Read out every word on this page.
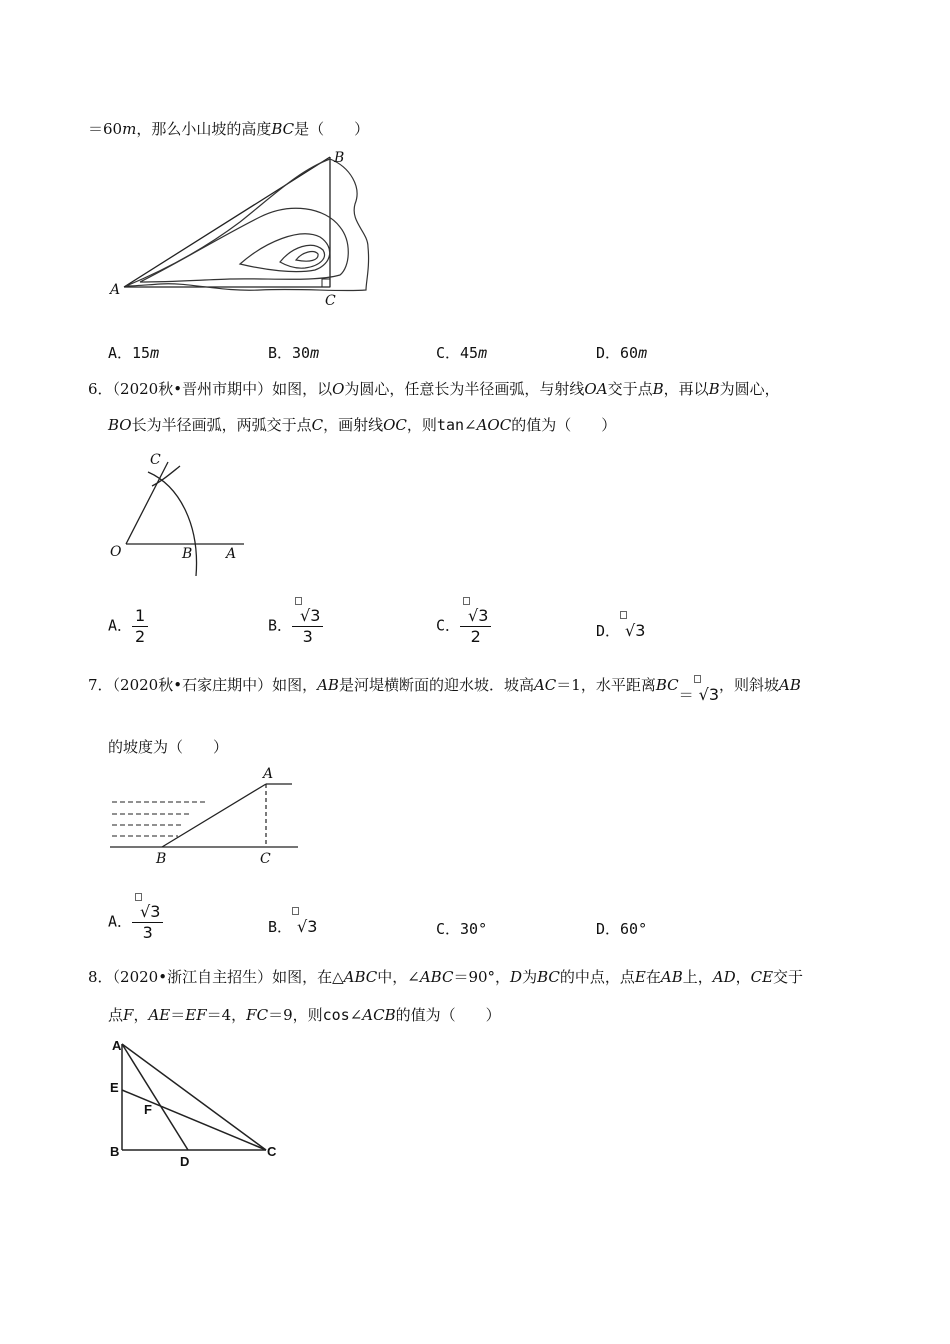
＝60m，那么小山坡的高度BC是（　　）
A
B
C
A．15m	B．30m	C．45m	D．60m
6．（2020秋•晋州市期中）如图，以O为圆心，任意长为半径画弧，与射线OA交于点B，再以B为圆心，
BO长为半径画弧，两弧交于点C，画射线OC，则tan∠AOC的值为（　　）
C
O	B A
A． $\frac{1}{2}$	B． $\frac{√3}{3}$	C． $\frac{√3}{2}$	D． √3
7．（2020秋•石家庄期中）如图，AB是河堤横断面的迎水坡．坡高AC＝1，水平距离BC＝ √3，则斜坡AB
的坡度为（　　）
A
B	C
A． $\frac{√3}{3}$	B． √3	C．30°	D．60°
8．（2020•浙江自主招生）如图，在△ABC中，∠ABC＝90°，D为BC的中点，点E在AB上，AD，CE交于
点F，AE＝EF＝4，FC＝9，则cos∠ACB的值为（　　）
A
E
F
B
D
C
